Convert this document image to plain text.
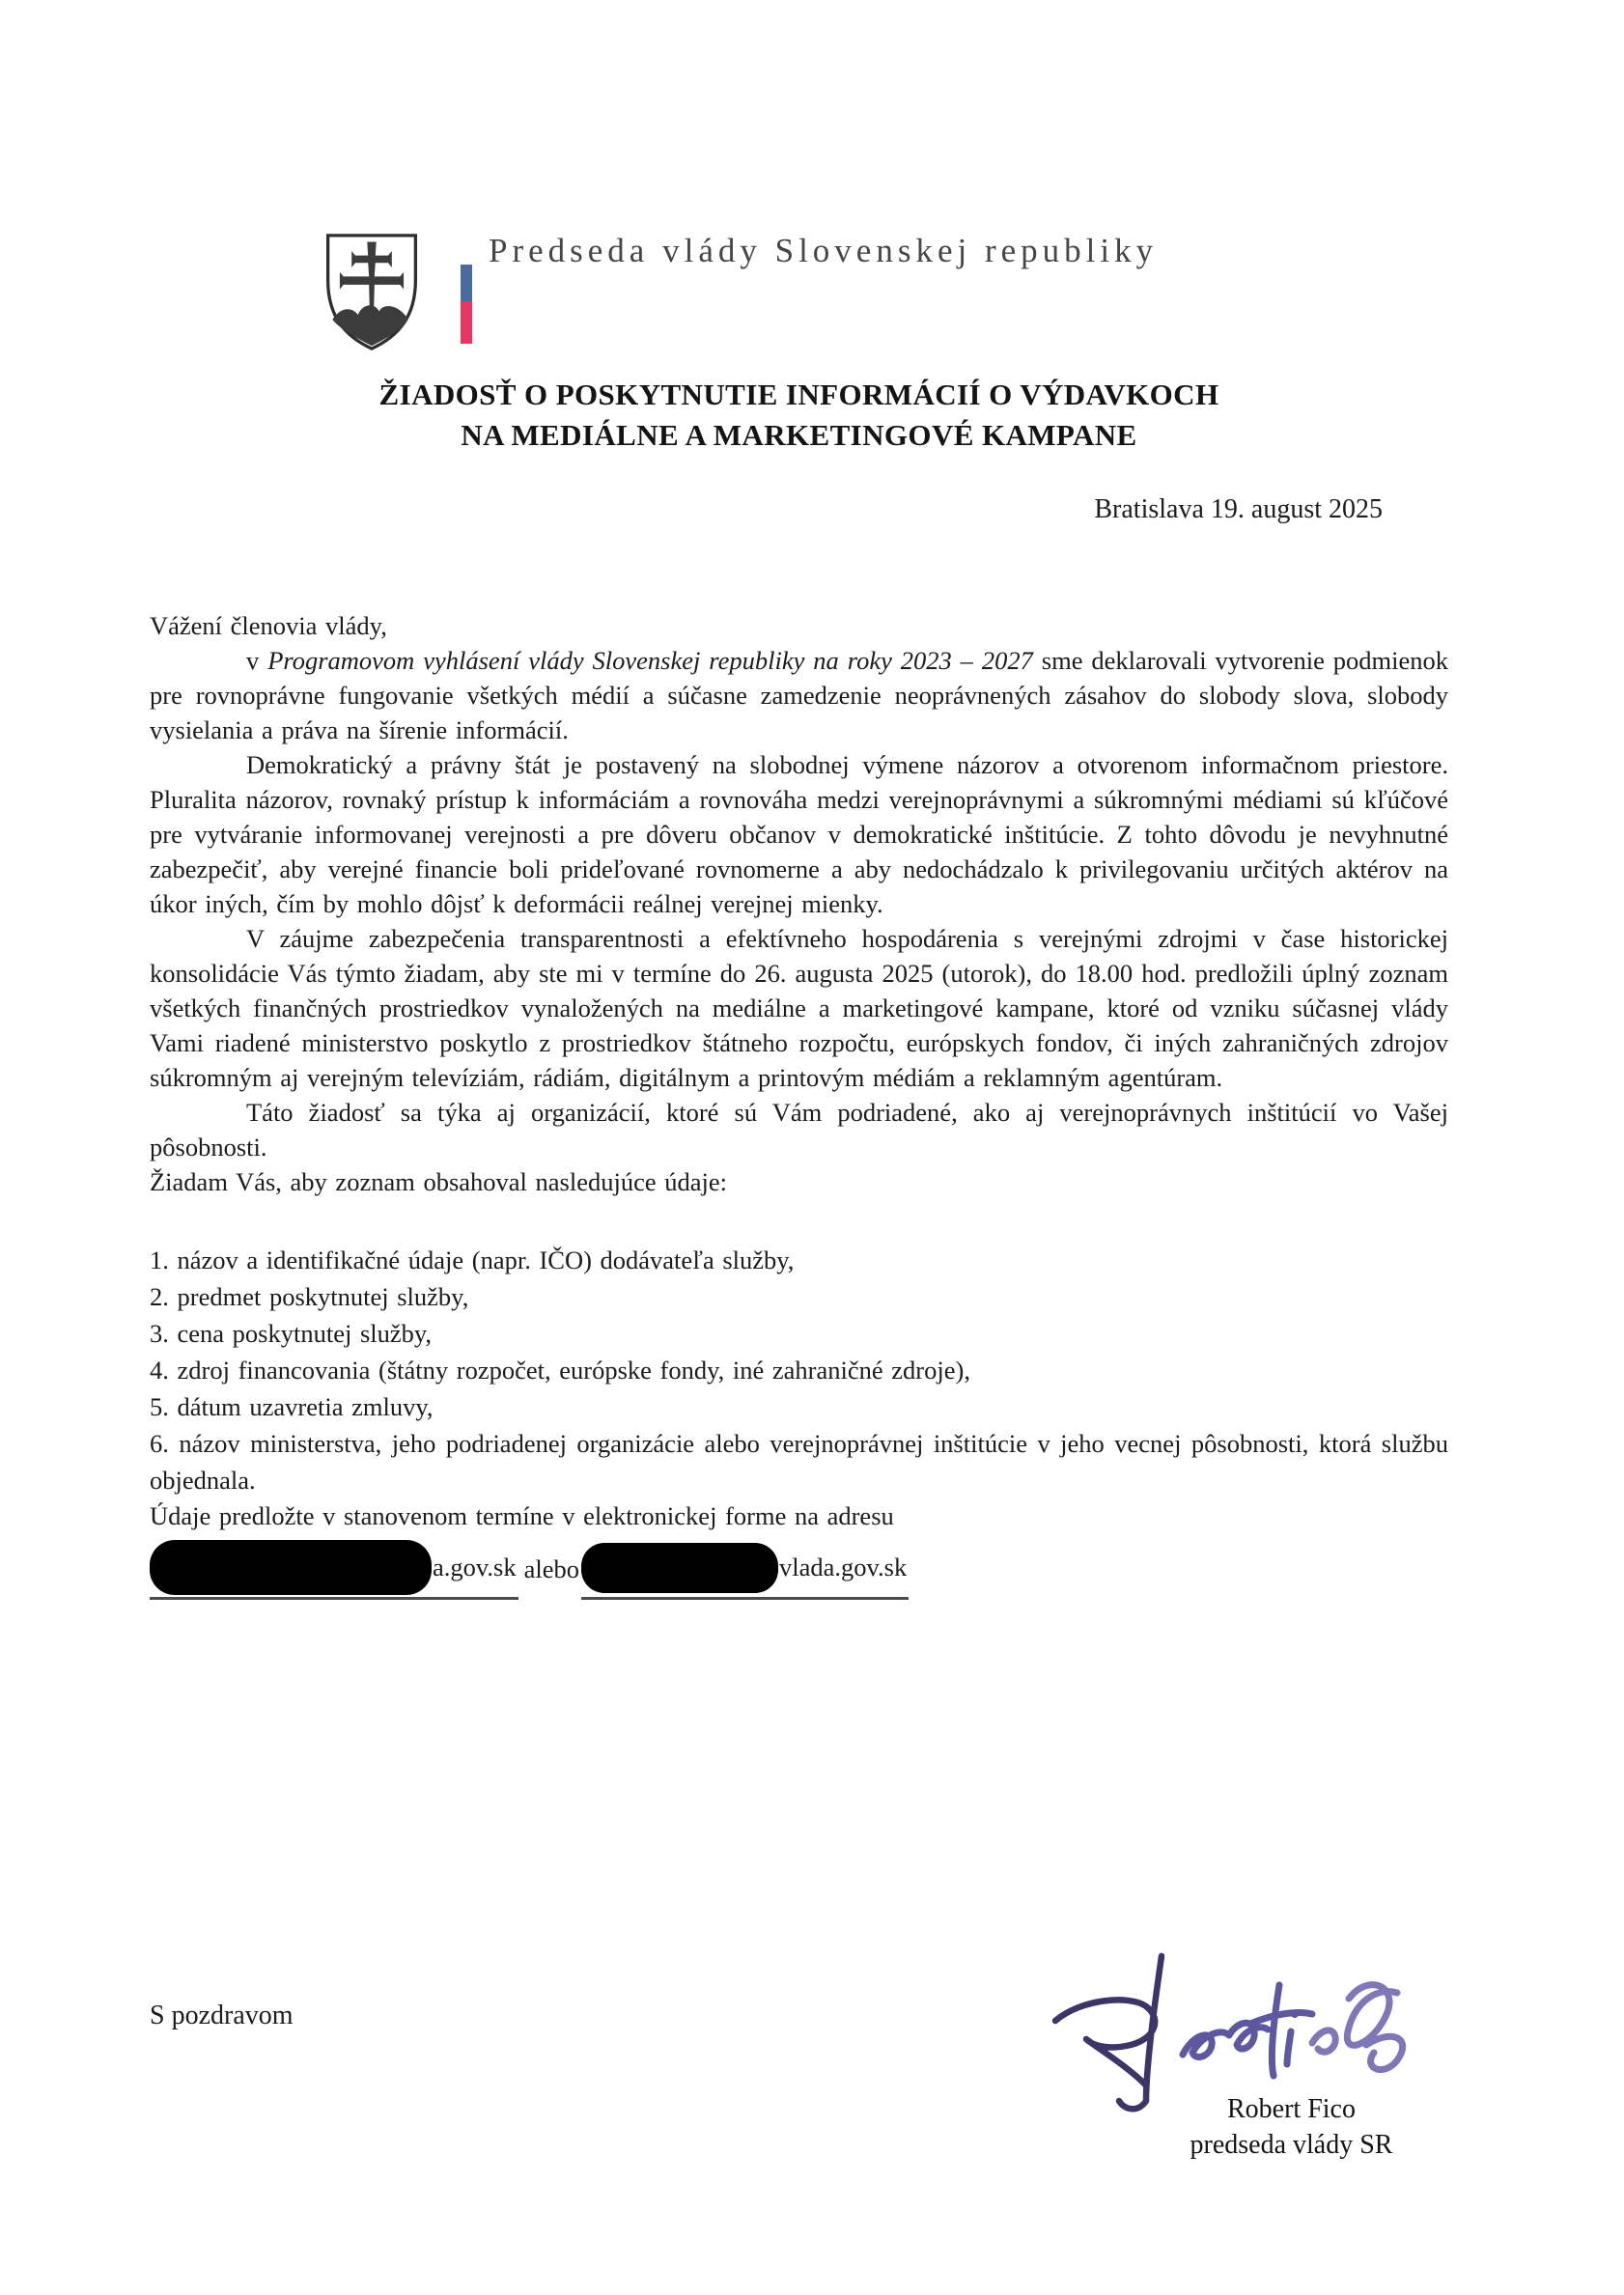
Predseda vlády Slovenskej republiky
ŽIADOSŤ O POSKYTNUTIE INFORMÁCIÍ O VÝDAVKOCH
NA MEDIÁLNE A MARKETINGOVÉ KAMPANE
Bratislava 19. august 2025

Vážení členovia vlády,

v Programovom vyhlásení vlády Slovenskej republiky na roky 2023 – 2027 sme deklarovali vytvorenie podmienok pre rovnoprávne fungovanie všetkých médií a súčasne zamedzenie neoprávnených zásahov do slobody slova, slobody vysielania a práva na šírenie informácií.

Demokratický a právny štát je postavený na slobodnej výmene názorov a otvorenom informačnom priestore. Pluralita názorov, rovnaký prístup k informáciám a rovnováha medzi verejnoprávnymi a súkromnými médiami sú kľúčové pre vytváranie informovanej verejnosti a pre dôveru občanov v demokratické inštitúcie. Z tohto dôvodu je nevyhnutné zabezpečiť, aby verejné financie boli prideľované rovnomerne a aby nedochádzalo k privilegovaniu určitých aktérov na úkor iných, čím by mohlo dôjsť k deformácii reálnej verejnej mienky.

V záujme zabezpečenia transparentnosti a efektívneho hospodárenia s verejnými zdrojmi v čase historickej konsolidácie Vás týmto žiadam, aby ste mi v termíne do 26. augusta 2025 (utorok), do 18.00 hod. predložili úplný zoznam všetkých finančných prostriedkov vynaložených na mediálne a marketingové kampane, ktoré od vzniku súčasnej vlády Vami riadené ministerstvo poskytlo z prostriedkov štátneho rozpočtu, európskych fondov, či iných zahraničných zdrojov súkromným aj verejným televíziám, rádiám, digitálnym a printovým médiám a reklamným agentúram.

Táto žiadosť sa týka aj organizácií, ktoré sú Vám podriadené, ako aj verejnoprávnych inštitúcií vo Vašej pôsobnosti.

Žiadam Vás, aby zoznam obsahoval nasledujúce údaje:

1. názov a identifikačné údaje (napr. IČO) dodávateľa služby,
2. predmet poskytnutej služby,
3. cena poskytnutej služby,
4. zdroj financovania (štátny rozpočet, európske fondy, iné zahraničné zdroje),
5. dátum uzavretia zmluvy,
6. názov ministerstva, jeho podriadenej organizácie alebo verejnoprávnej inštitúcie v jeho vecnej pôsobnosti, ktorá službu objednala.

Údaje predložte v stanovenom termíne v elektronickej forme na adresu

a.gov.sk alebo	vlada.gov.sk
S pozdravom
Robert Fico
predseda vlády SR
